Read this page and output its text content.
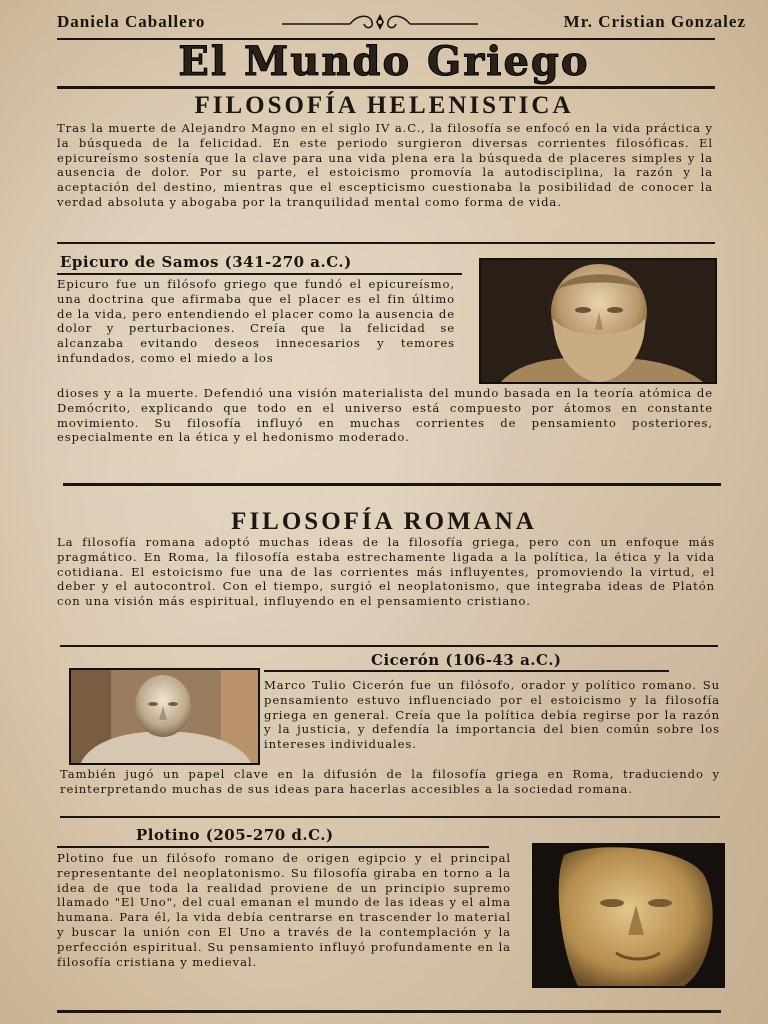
Daniela Caballero	Mr. Cristian Gonzalez
El Mundo Griego
FILOSOFÍA HELENISTICA
Tras la muerte de Alejandro Magno en el siglo IV a.C., la filosofía se enfocó en la vida práctica y la búsqueda de la felicidad. En este periodo surgieron diversas corrientes filosóficas. El epicureísmo sostenía que la clave para una vida plena era la búsqueda de placeres simples y la ausencia de dolor. Por su parte, el estoicismo promovía la autodisciplina, la razón y la aceptación del destino, mientras que el escepticismo cuestionaba la posibilidad de conocer la verdad absoluta y abogaba por la tranquilidad mental como forma de vida.
Epicuro de Samos (341-270 a.C.)
Epicuro fue un filósofo griego que fundó el epicureísmo, una doctrina que afirmaba que el placer es el fin último de la vida, pero entendiendo el placer como la ausencia de dolor y perturbaciones. Creía que la felicidad se alcanzaba evitando deseos innecesarios y temores infundados, como el miedo a los
dioses y a la muerte. Defendió una visión materialista del mundo basada en la teoría atómica de Demócrito, explicando que todo en el universo está compuesto por átomos en constante movimiento. Su filosofía influyó en muchas corrientes de pensamiento posteriores, especialmente en la ética y el hedonismo moderado.
FILOSOFÍA ROMANA
La filosofía romana adoptó muchas ideas de la filosofía griega, pero con un enfoque más pragmático. En Roma, la filosofía estaba estrechamente ligada a la política, la ética y la vida cotidiana. El estoicismo fue una de las corrientes más influyentes, promoviendo la virtud, el deber y el autocontrol. Con el tiempo, surgió el neoplatonismo, que integraba ideas de Platón con una visión más espiritual, influyendo en el pensamiento cristiano.
Cicerón (106-43 a.C.)
Marco Tulio Cicerón fue un filósofo, orador y político romano. Su pensamiento estuvo influenciado por el estoicismo y la filosofía griega en general. Creía que la política debía regirse por la razón y la justicia, y defendía la importancia del bien común sobre los intereses individuales.
También jugó un papel clave en la difusión de la filosofía griega en Roma, traduciendo y reinterpretando muchas de sus ideas para hacerlas accesibles a la sociedad romana.
Plotino (205-270 d.C.)
Plotino fue un filósofo romano de origen egipcio y el principal representante del neoplatonismo. Su filosofía giraba en torno a la idea de que toda la realidad proviene de un principio supremo llamado "El Uno", del cual emanan el mundo de las ideas y el alma humana. Para él, la vida debía centrarse en trascender lo material y buscar la unión con El Uno a través de la contemplación y la perfección espiritual. Su pensamiento influyó profundamente en la filosofía cristiana y medieval.
